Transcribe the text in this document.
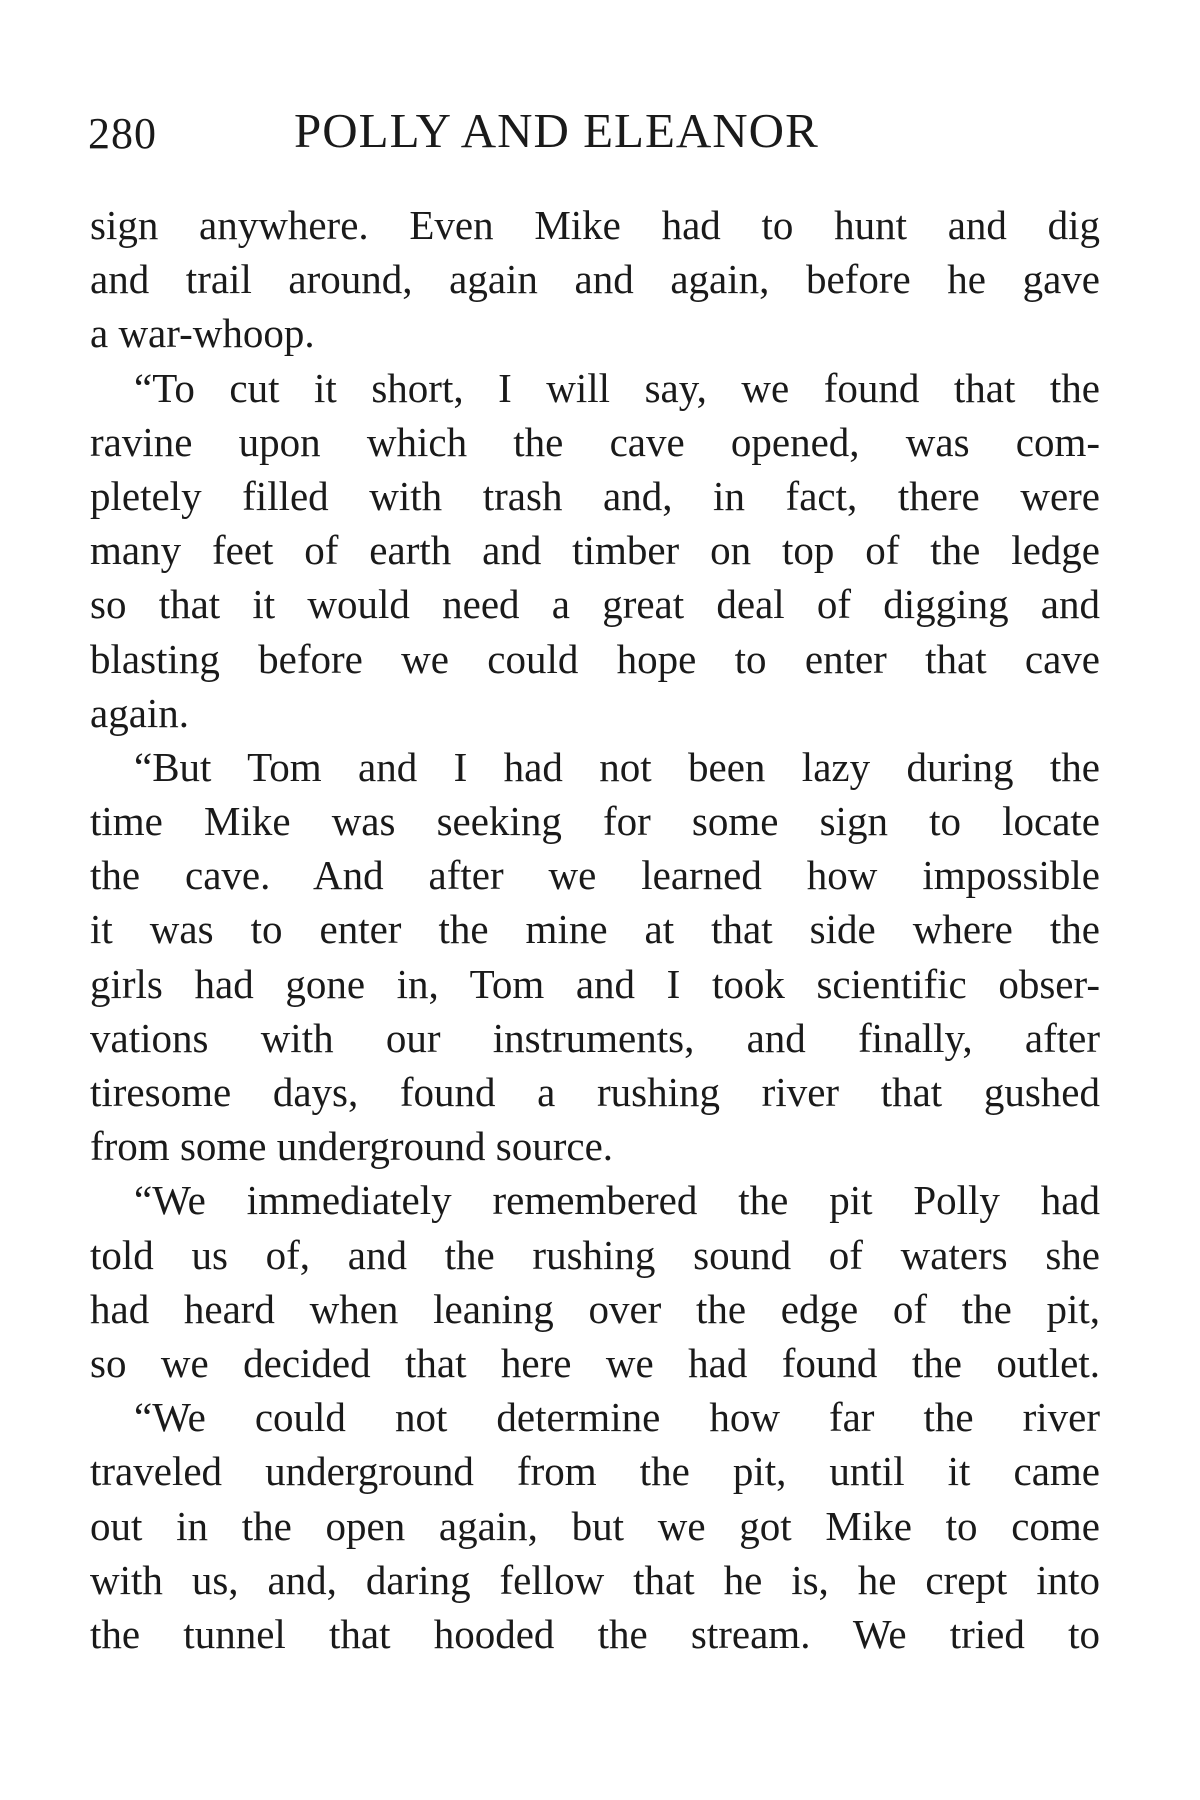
280	POLLY AND ELEANOR
sign anywhere. Even Mike had to hunt and dig
and trail around, again and again, before he gave
a war-whoop.
“To cut it short, I will say, we found that the
ravine upon which the cave opened, was com-
pletely filled with trash and, in fact, there were
many feet of earth and timber on top of the ledge
so that it would need a great deal of digging and
blasting before we could hope to enter that cave
again.
“But Tom and I had not been lazy during the
time Mike was seeking for some sign to locate
the cave. And after we learned how impossible
it was to enter the mine at that side where the
girls had gone in, Tom and I took scientific obser-
vations with our instruments, and finally, after
tiresome days, found a rushing river that gushed
from some underground source.
“We immediately remembered the pit Polly had
told us of, and the rushing sound of waters she
had heard when leaning over the edge of the pit,
so we decided that here we had found the outlet.
“We could not determine how far the river
traveled underground from the pit, until it came
out in the open again, but we got Mike to come
with us, and, daring fellow that he is, he crept into
the tunnel that hooded the stream. We tried to
